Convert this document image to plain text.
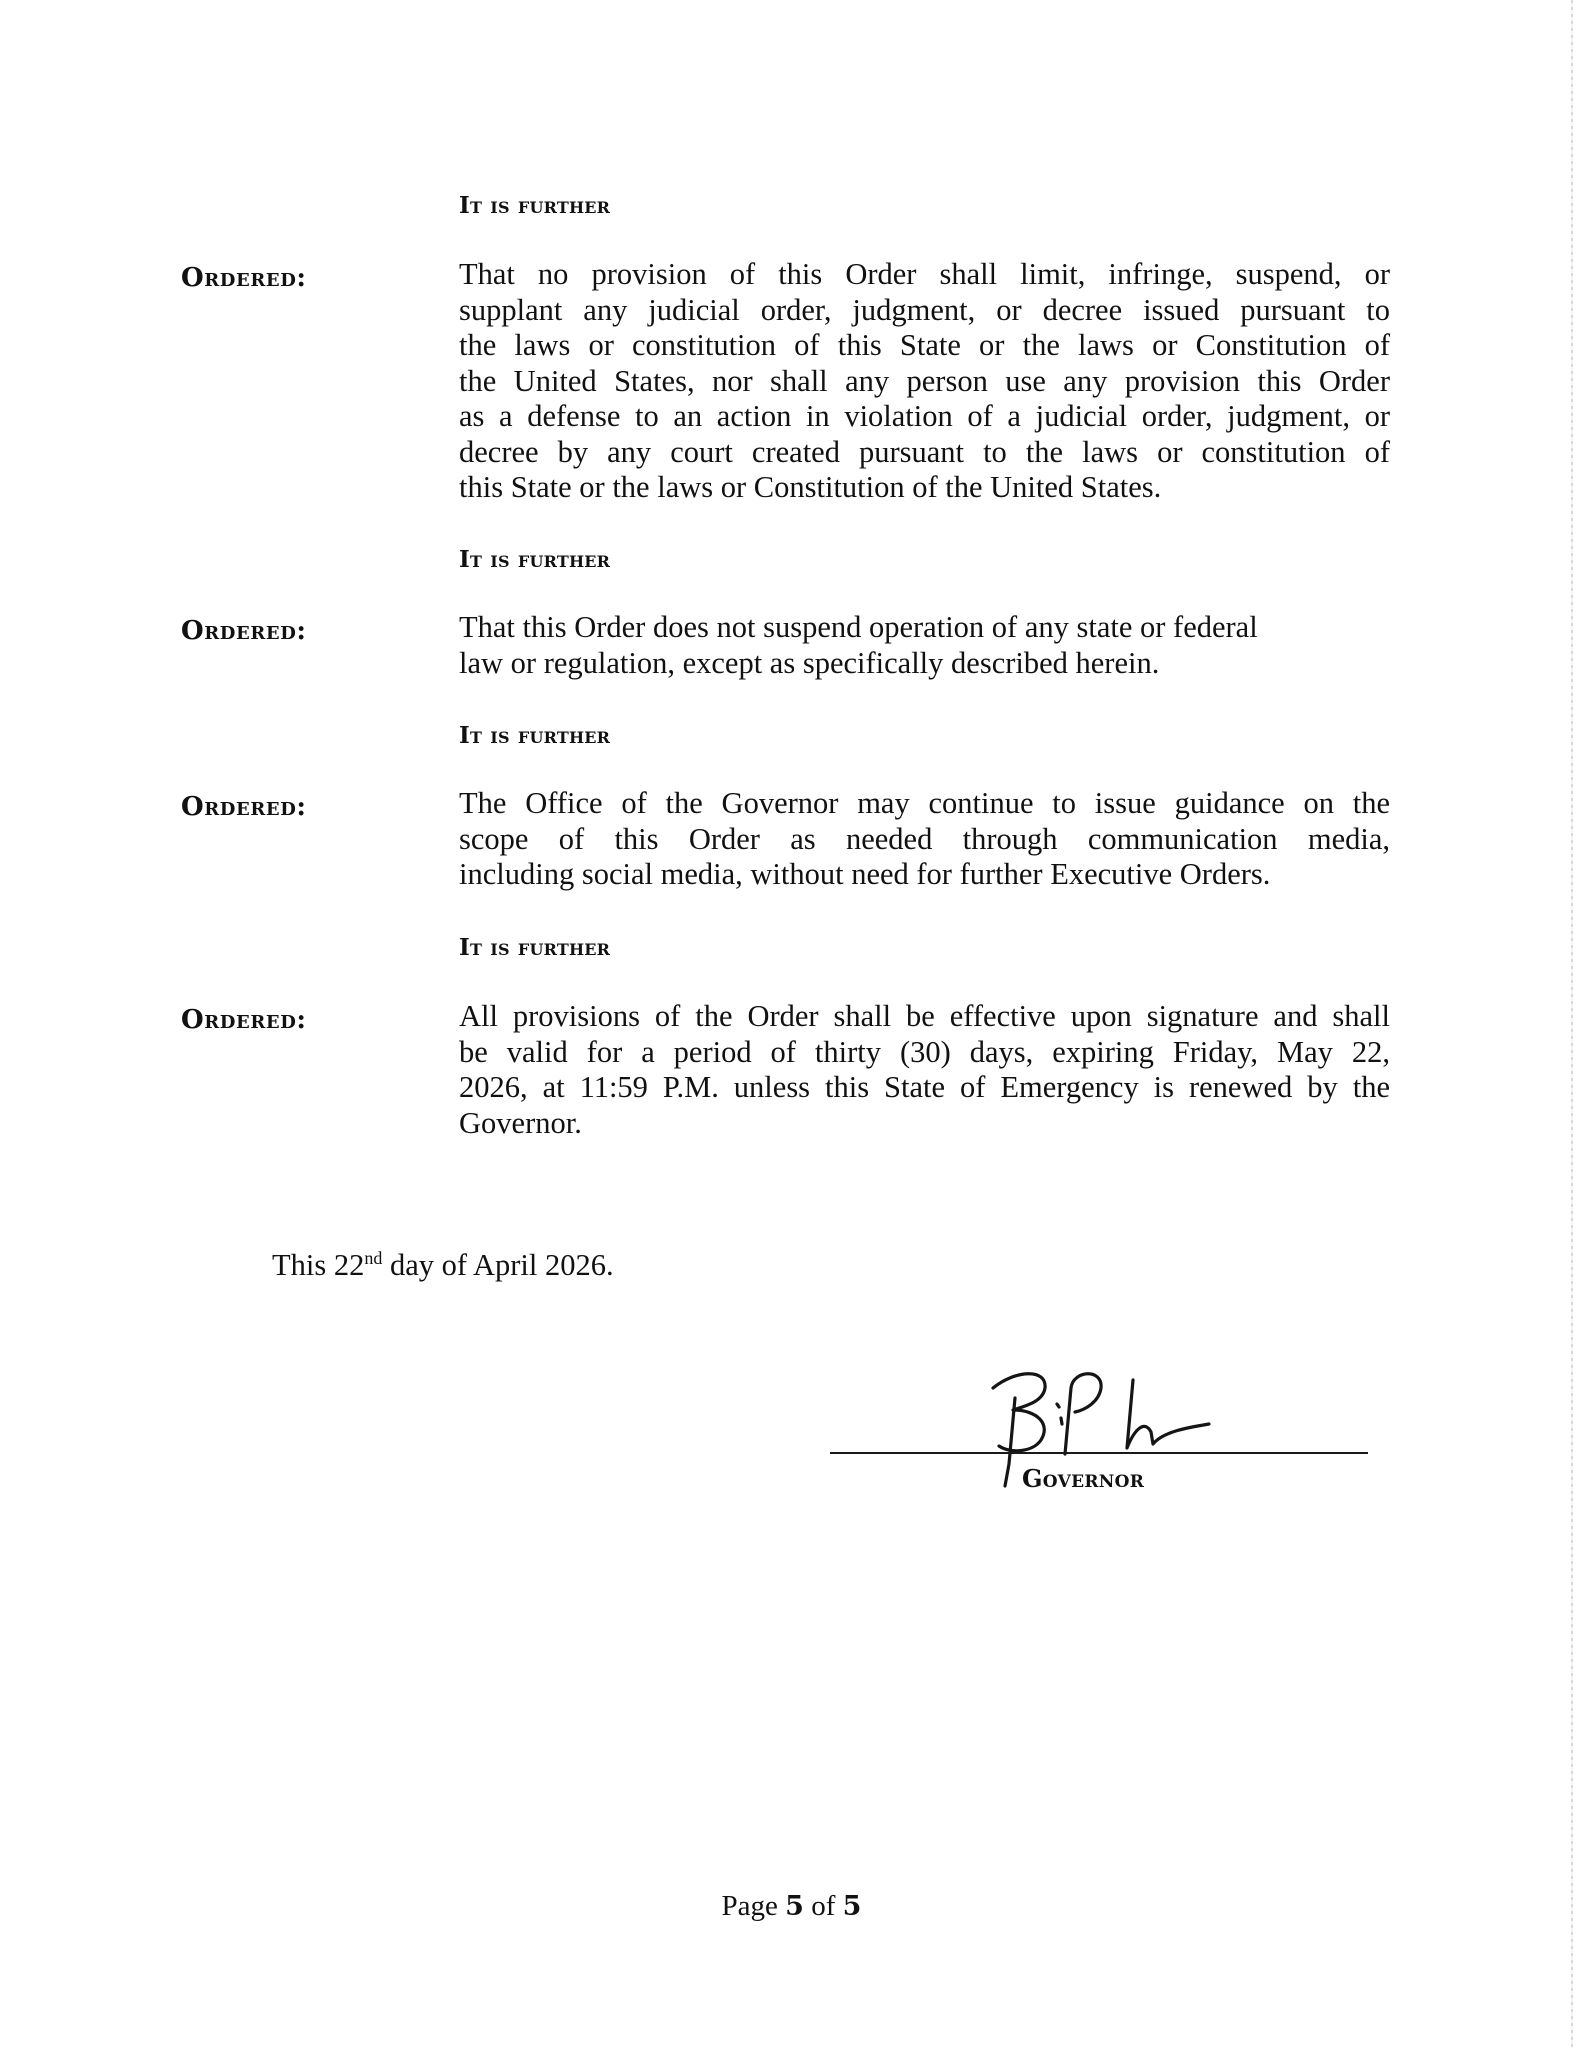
It is further
Ordered:	That no provision of this Order shall limit, infringe, suspend, or
supplant any judicial order, judgment, or decree issued pursuant to
the laws or constitution of this State or the laws or Constitution of
the United States, nor shall any person use any provision this Order
as a defense to an action in violation of a judicial order, judgment, or
decree by any court created pursuant to the laws or constitution of
this State or the laws or Constitution of the United States.
It is further
Ordered:	That this Order does not suspend operation of any state or federal
law or regulation, except as specifically described herein.
It is further
Ordered:	The Office of the Governor may continue to issue guidance on the
scope of this Order as needed through communication media,
including social media, without need for further Executive Orders.
It is further
Ordered:	All provisions of the Order shall be effective upon signature and shall
be valid for a period of thirty (30) days, expiring Friday, May 22,
2026, at 11:59 P.M. unless this State of Emergency is renewed by the
Governor.
This 22nd day of April 2026.
Governor
Page 5 of 5
